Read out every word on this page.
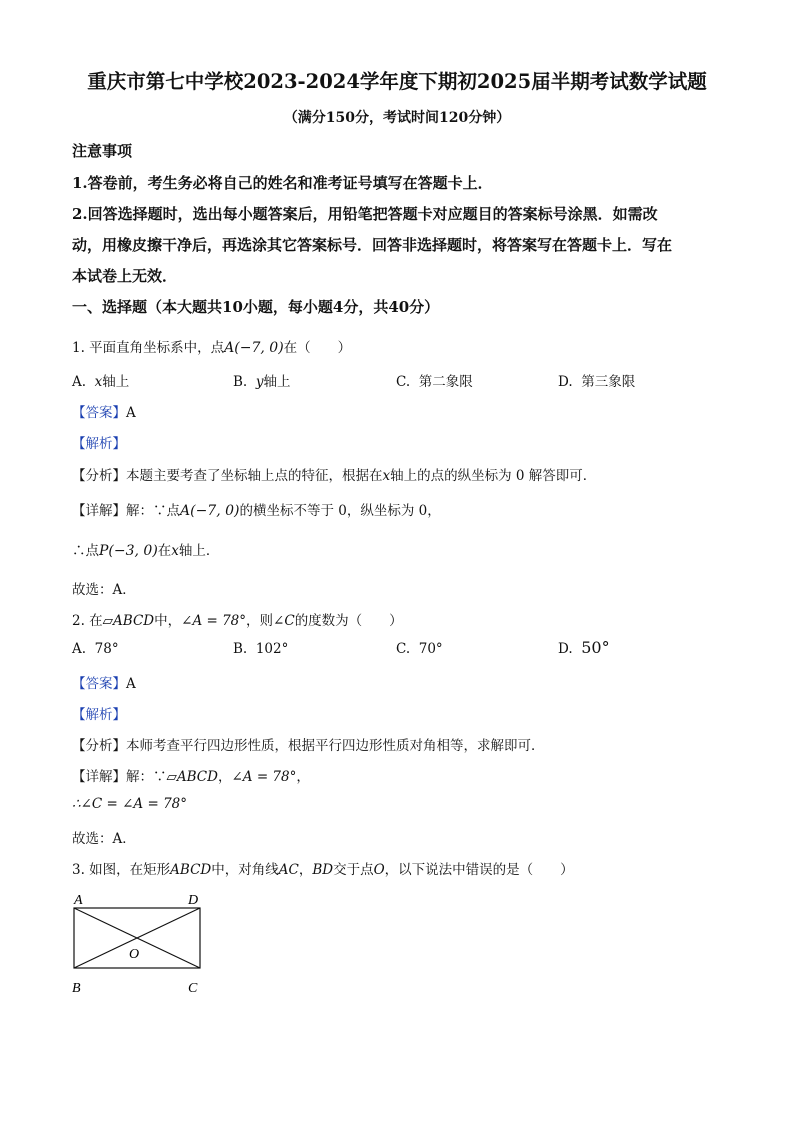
重庆市第七中学校2023-2024学年度下期初2025届半期考试数学试题
（满分150分，考试时间120分钟）
注意事项
1.答卷前，考生务必将自己的姓名和准考证号填写在答题卡上．
2.回答选择题时，选出每小题答案后，用铅笔把答题卡对应题目的答案标号涂黑．如需改
动，用橡皮擦干净后，再选涂其它答案标号．回答非选择题时，将答案写在答题卡上．写在
本试卷上无效．
一、选择题（本大题共10小题，每小题4分，共40分）
1. 平面直角坐标系中，点A(−7, 0)在（　　）
A. x轴上	B. y轴上	C. 第二象限	D. 第三象限
【答案】A
【解析】
【分析】本题主要考查了坐标轴上点的特征，根据在x轴上的点的纵坐标为 0 解答即可．
【详解】解：∵点A(−7, 0)的横坐标不等于 0，纵坐标为 0，
∴点P(−3, 0)在x轴上．
故选：A．
2. 在▱ABCD中，∠A = 78°，则∠C的度数为（　　）
A. 78°	B. 102°	C. 70°	D. 50°
【答案】A
【解析】
【分析】本师考查平行四边形性质，根据平行四边形性质对角相等，求解即可．
【详解】解：∵▱ABCD，∠A = 78°，
∴∠C = ∠A = 78°
故选：A．
3. 如图，在矩形ABCD中，对角线AC，BD交于点O，以下说法中错误的是（　　）
A	D
B	C
O
